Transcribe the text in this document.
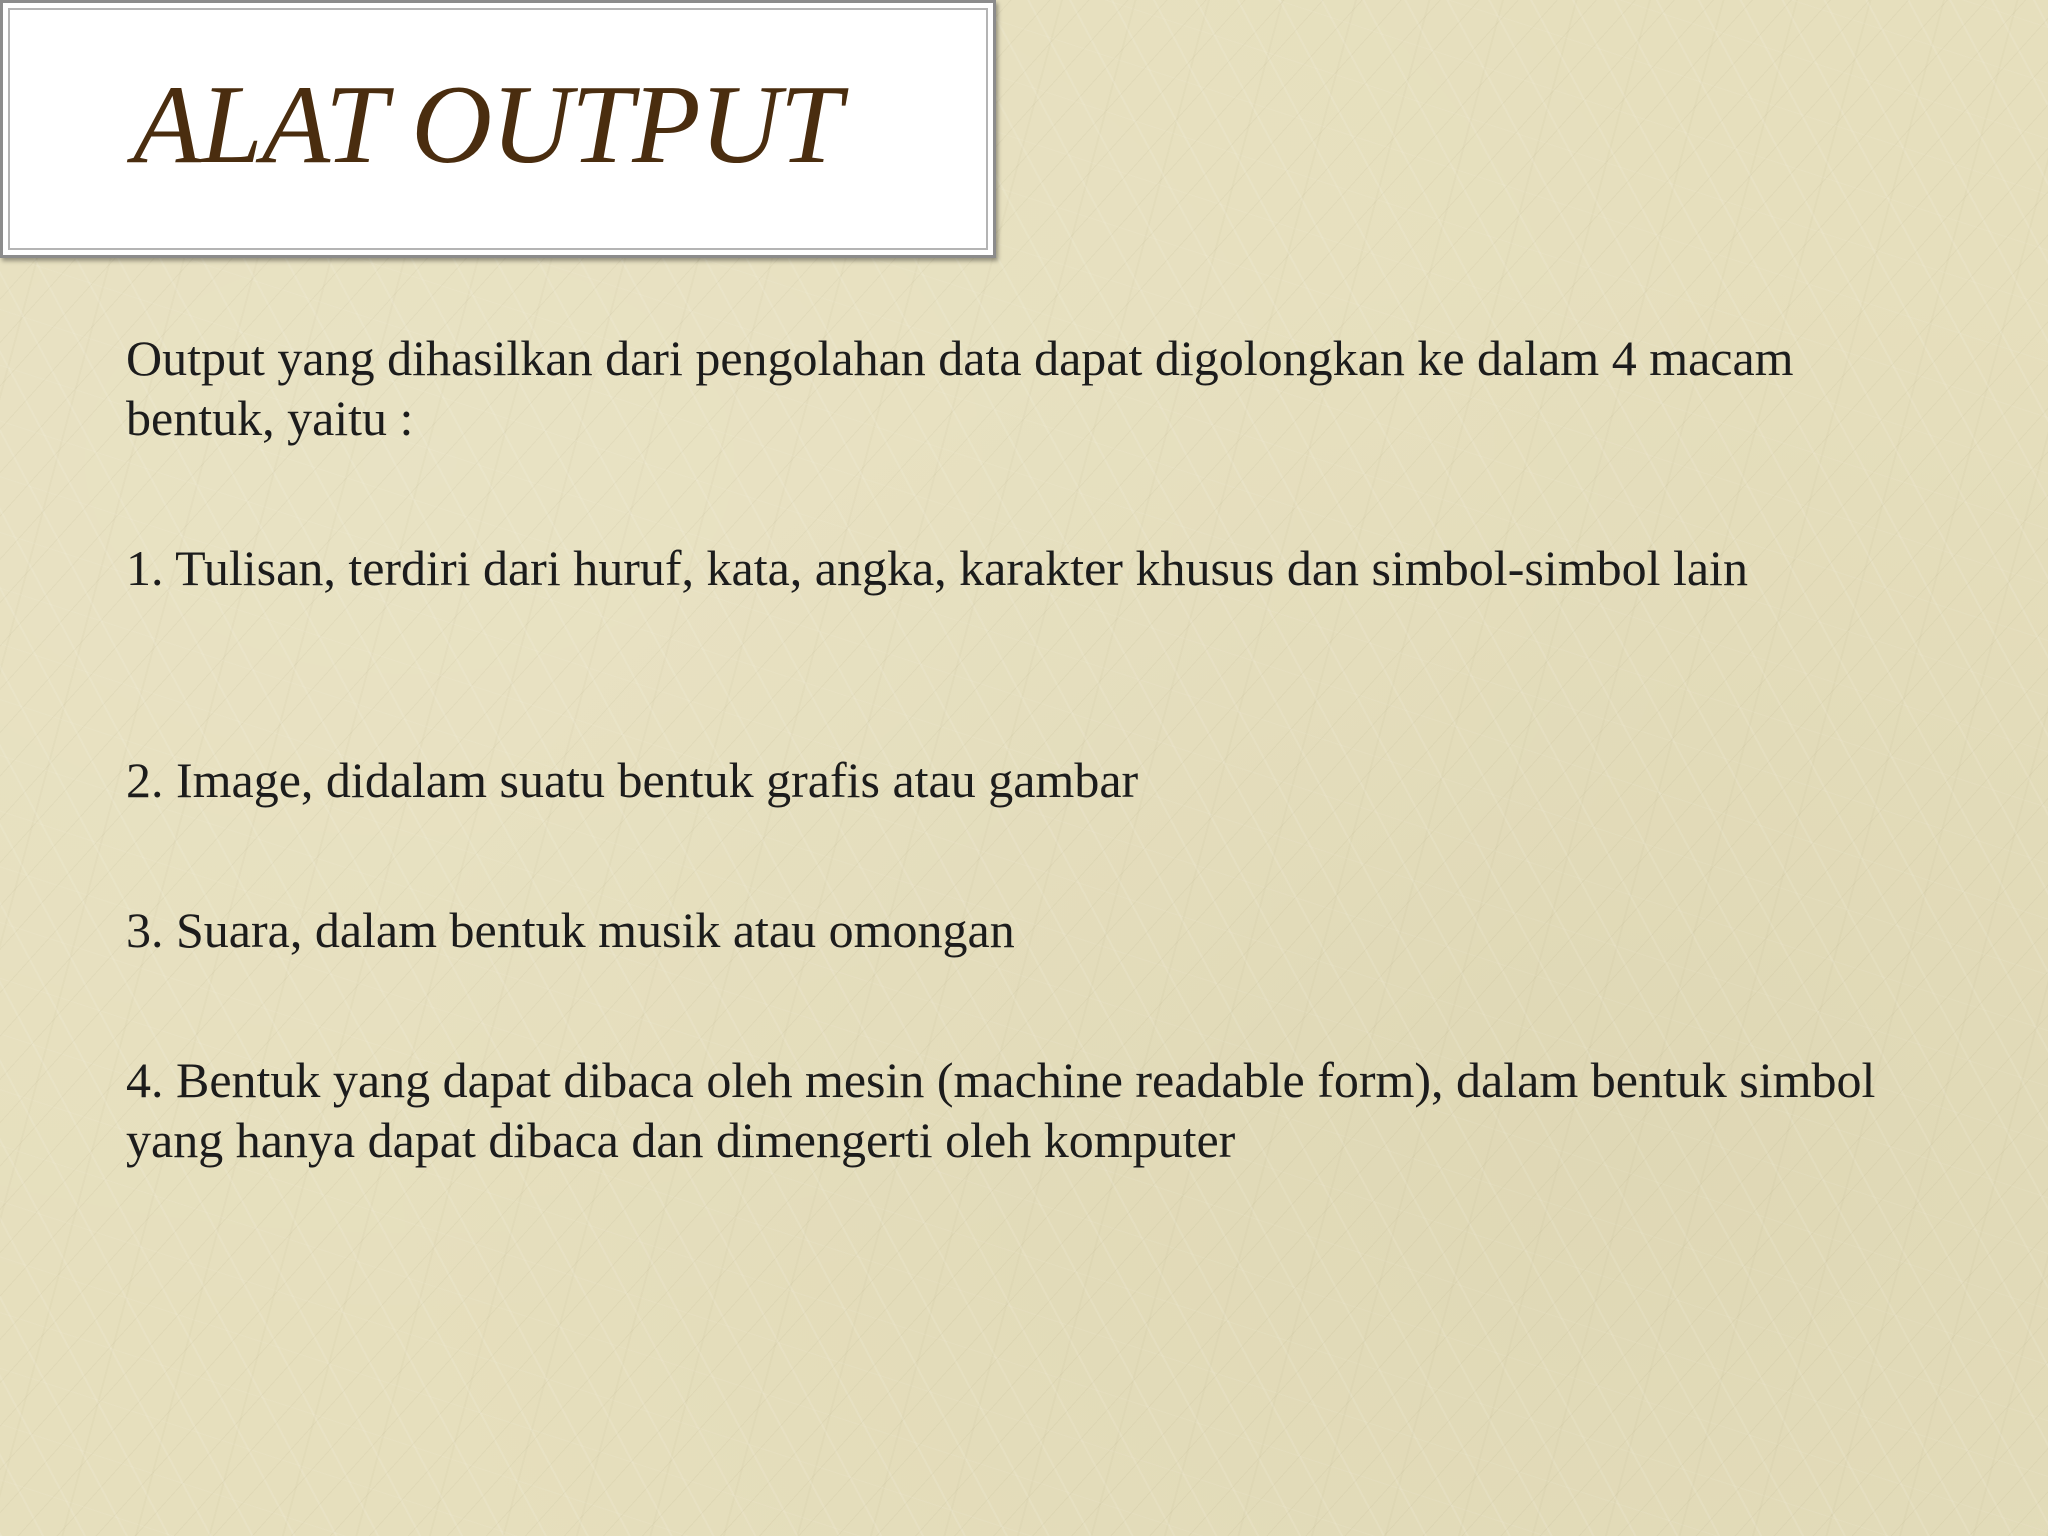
ALAT OUTPUT

Output yang dihasilkan dari pengolahan data dapat digolongkan ke dalam 4 macam bentuk, yaitu :

1. Tulisan, terdiri dari huruf, kata, angka, karakter khusus dan simbol-simbol lain

2. Image, didalam suatu bentuk grafis atau gambar

3. Suara, dalam bentuk musik atau omongan

4. Bentuk yang dapat dibaca oleh mesin (machine readable form), dalam bentuk simbol yang hanya dapat dibaca dan dimengerti oleh komputer
